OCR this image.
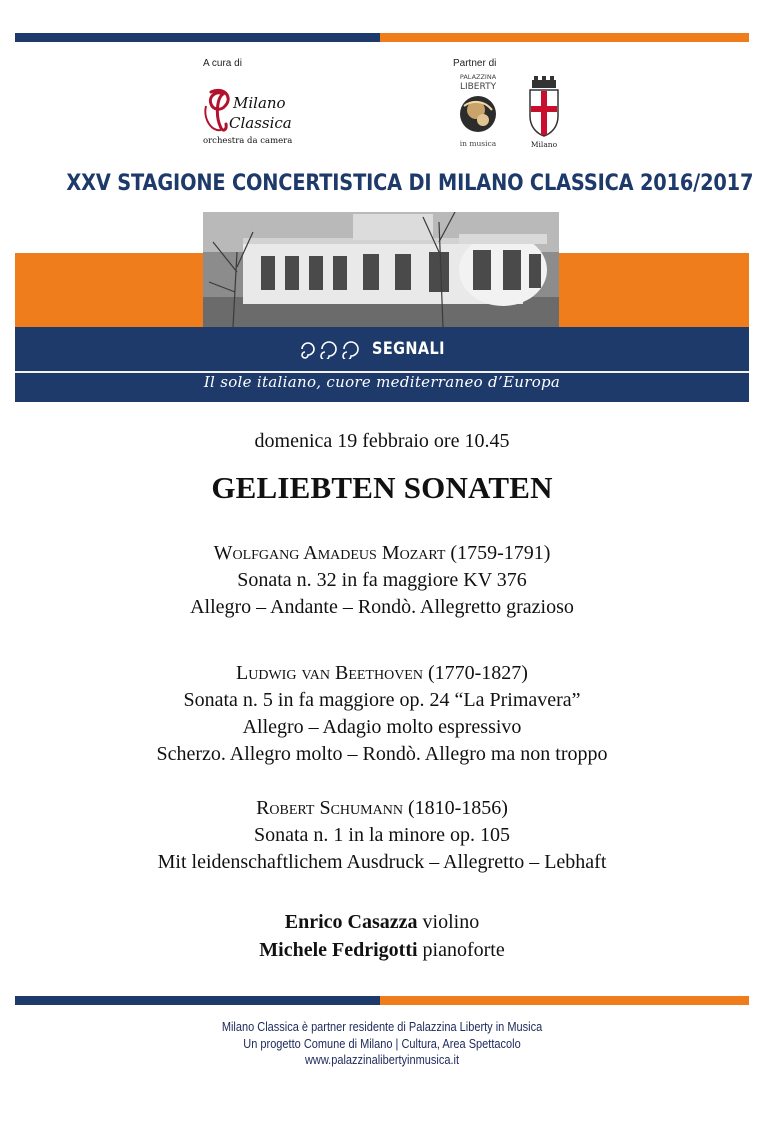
A cura di	Partner di
Milano
Classica
orchestra da camera
PALAZZINA
LIBERTY
in musica	Milano
XXV STAGIONE CONCERTISTICA DI MILANO CLASSICA 2016/2017
SEGNALI
Il sole italiano, cuore mediterraneo d’Europa
domenica 19 febbraio ore 10.45
GELIEBTEN SONATEN
Wolfgang Amadeus Mozart (1759-1791)
Sonata n. 32 in fa maggiore KV 376
Allegro – Andante – Rondò. Allegretto grazioso
Ludwig van Beethoven (1770-1827)
Sonata n. 5 in fa maggiore op. 24 “La Primavera”
Allegro – Adagio molto espressivo
Scherzo. Allegro molto – Rondò. Allegro ma non troppo
Robert Schumann (1810-1856)
Sonata n. 1 in la minore op. 105
Mit leidenschaftlichem Ausdruck – Allegretto – Lebhaft
Enrico Casazza violino
Michele Fedrigotti pianoforte
Milano Classica è partner residente di Palazzina Liberty in Musica
Un progetto Comune di Milano | Cultura, Area Spettacolo
www.palazzinalibertyinmusica.it
